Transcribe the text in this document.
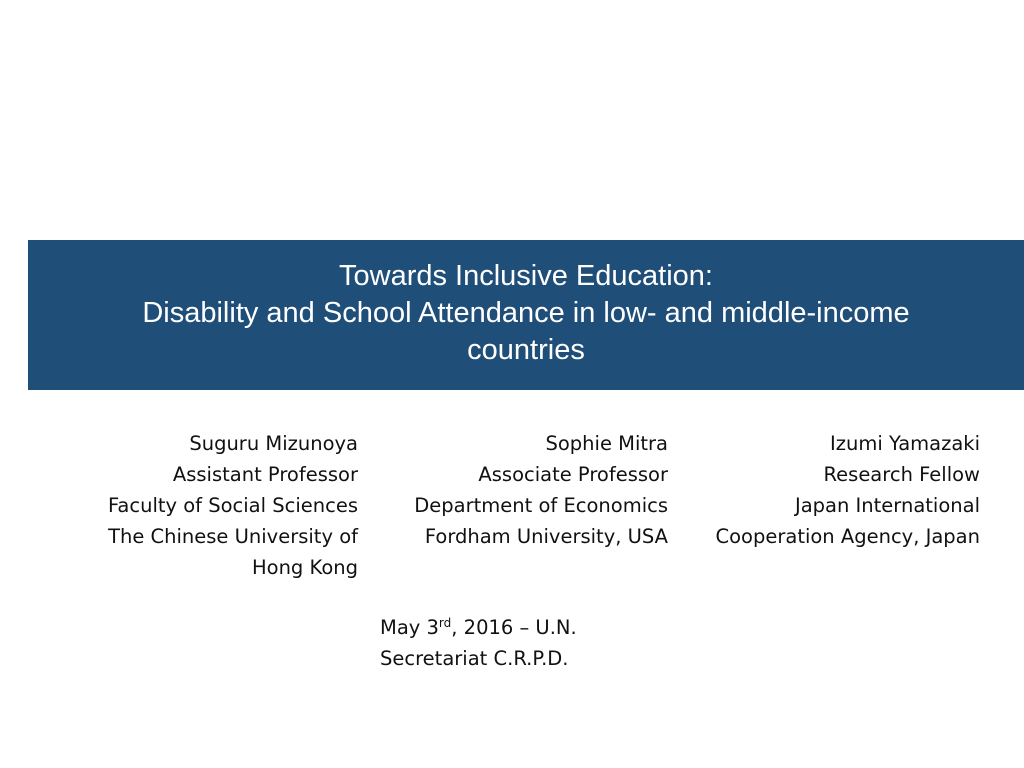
Towards Inclusive Education:
Disability and School Attendance in low- and middle-income
countries
Suguru Mizunoya
Assistant Professor
Faculty of Social Sciences
The Chinese University of
Hong Kong
Sophie Mitra
Associate Professor
Department of Economics
Fordham University, USA
Izumi Yamazaki
Research Fellow
Japan International
Cooperation Agency, Japan
May 3rd, 2016 – U.N.
Secretariat C.R.P.D.
